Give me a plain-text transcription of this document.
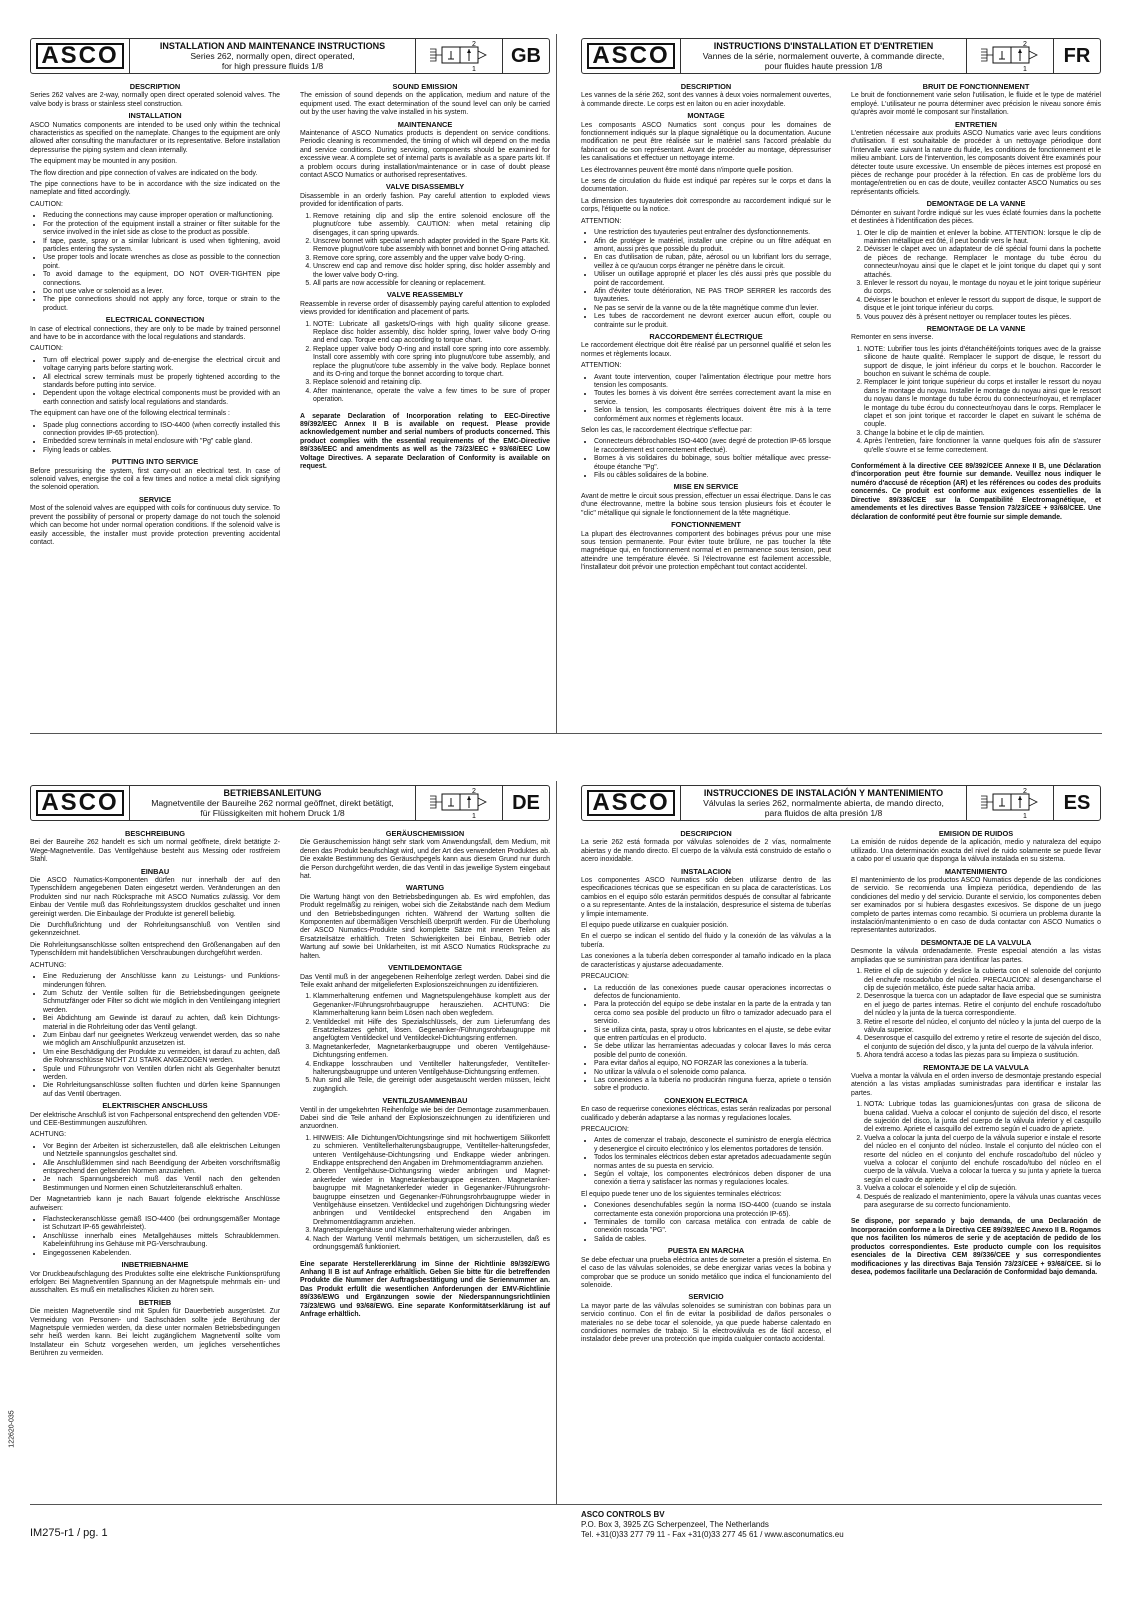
ASCO	INSTALLATION AND MAINTENANCE INSTRUCTIONS

Series 262, normally open, direct operated,
for high pressure fluids 1/8
2
1
GB
DESCRIPTION

Series 262 valves are 2-way, normally open direct operated solenoid valves. The valve body is brass or stainless steel construction.

INSTALLATION

ASCO Numatics components are intended to be used only within the technical characteristics as specified on the nameplate. Changes to the equipment are only allowed after consulting the manufacturer or its representative. Before installation depressurise the piping system and clean internally.

The equipment may be mounted in any position.

The flow direction and pipe connection of valves are indicated on the body.

The pipe connections have to be in accordance with the size indicated on the nameplate and fitted accordingly.

CAUTION:

• Reducing the connections may cause improper operation or malfunctioning.
• For the protection of the equipment install a strainer or filter suitable for the service involved in the inlet side as close to the product as possible.
• If tape, paste, spray or a similar lubricant is used when tightening, avoid particles entering the system.
• Use proper tools and locate wrenches as close as possible to the connection point.
• To avoid damage to the equipment, DO NOT OVER-TIGHTEN pipe connections.
• Do not use valve or solenoid as a lever.
• The pipe connections should not apply any force, torque or strain to the product.
ELECTRICAL CONNECTION

In case of electrical connections, they are only to be made by trained personnel and have to be in accordance with the local regulations and standards.

CAUTION:

• Turn off electrical power supply and de-energise the electrical circuit and voltage carrying parts before starting work.
• All electrical screw terminals must be properly tightened according to the standards before putting into service.
• Dependent upon the voltage electrical components must be provided with an earth connection and satisfy local regulations and standards.

The equipment can have one of the following electrical terminals :

• Spade plug connections according to ISO-4400 (when correctly installed this connection provides IP-65 protection).
• Embedded screw terminals in metal enclosure with "Pg" cable gland.
• Flying leads or cables.
PUTTING INTO SERVICE

Before pressurising the system, first carry-out an electrical test. In case of solenoid valves, energise the coil a few times and notice a metal click signifying the solenoid operation.

SERVICE

Most of the solenoid valves are equipped with coils for continuous duty service. To prevent the possibility of personal or property damage do not touch the solenoid which can become hot under normal operation conditions. If the solenoid valve is easily accessible, the installer must provide protection preventing accidental contact.

SOUND EMISSION

The emission of sound depends on the application, medium and nature of the equipment used. The exact determination of the sound level can only be carried out by the user having the valve installed in his system.

MAINTENANCE

Maintenance of ASCO Numatics products is dependent on service conditions. Periodic cleaning is recommended, the timing of which will depend on the media and service conditions. During servicing, components should be examined for excessive wear. A complete set of internal parts is available as a spare parts kit. If a problem occurs during installation/maintenance or in case of doubt please contact ASCO Numatics or authorised representatives.

VALVE DISASSEMBLY

Disassemble in an orderly fashion. Pay careful attention to exploded views provided for identification of parts.

1. Remove retaining clip and slip the entire solenoid enclosure off the plugnut/core tube assembly. CAUTION: when metal retaining clip disengages, it can spring upwards.
2. Unscrew bonnet with special wrench adapter provided in the Spare Parts Kit. Remove plugnut/core tube assembly with bonnet and bonnet O-ring attached.
3. Remove core spring, core assembly and the upper valve body O-ring.
4. Unscrew end cap and remove disc holder spring, disc holder assembly and the lower valve body O-ring.
5. All parts are now accessible for cleaning or replacement.
VALVE REASSEMBLY

Reassemble in reverse order of disassembly paying careful attention to exploded views provided for identification and placement of parts.

1. NOTE: Lubricate all gaskets/O-rings with high quality silicone grease. Replace disc holder assembly, disc holder spring, lower valve body O-ring and end cap. Torque end cap according to torque chart.
2. Replace upper valve body O-ring and install core spring into core assembly. Install core assembly with core spring into plugnut/core tube assembly, and replace the plugnut/core tube assembly in the valve body. Replace bonnet and its O-ring and torque the bonnet according to torque chart.
3. Replace solenoid and retaining clip.
4. After maintenance, operate the valve a few times to be sure of proper operation.

A separate Declaration of Incorporation relating to EEC-Directive 89/392/EEC Annex II B is available on request. Please provide acknowledgement number and serial numbers of products concerned. This product complies with the essential requirements of the EMC-Directive 89/336/EEC and amendments as well as the 73/23/EEC + 93/68/EEC Low Voltage Directives. A separate Declaration of Conformity is available on request.

ASCO	INSTRUCTIONS D'INSTALLATION ET D'ENTRETIEN

Vannes de la série, normalement ouverte, à commande directe,
pour fluides haute pression 1/8
2
1
FR
DESCRIPTION

Les vannes de la série 262, sont des vannes à deux voies normalement ouvertes, à commande directe. Le corps est en laiton ou en acier inoxydable.

MONTAGE

Les composants ASCO Numatics sont conçus pour les domaines de fonctionnement indiqués sur la plaque signalétique ou la documentation. Aucune modification ne peut être réalisée sur le matériel sans l'accord préalable du fabricant ou de son représentant. Avant de procéder au montage, dépressuriser les canalisations et effectuer un nettoyage interne.

Les électrovannes peuvent être monté dans n'importe quelle position.

Le sens de circulation du fluide est indiqué par repères sur le corps et dans la documentation.

La dimension des tuyauteries doit correspondre au raccordement indiqué sur le corps, l'étiquette ou la notice.

ATTENTION:

• Une restriction des tuyauteries peut entraîner des dysfonctionnements.
• Afin de protéger le matériel, installer une crépine ou un filtre adéquat en amont, aussi près que possible du produit.
• En cas d'utilisation de ruban, pâte, aérosol ou un lubrifiant lors du serrage, veillez à ce qu'aucun corps étranger ne pénètre dans le circuit.
• Utiliser un outillage approprié et placer les clés aussi près que possible du point de raccordement.
• Afin d'éviter toute détérioration, NE PAS TROP SERRER les raccords des tuyauteries.
• Ne pas se servir de la vanne ou de la tête magnétique comme d'un levier.
• Les tubes de raccordement ne devront exercer aucun effort, couple ou contrainte sur le produit.
RACCORDEMENT ÉLECTRIQUE

Le raccordement électrique doit être réalisé par un personnel qualifié et selon les normes et règlements locaux.

ATTENTION:

• Avant toute intervention, couper l'alimentation électrique pour mettre hors tension les composants.
• Toutes les bornes à vis doivent être serrées correctement avant la mise en service.
• Selon la tension, les composants électriques doivent être mis à la terre conformément aux normes et règlements locaux.

Selon les cas, le raccordement électrique s'effectue par:

• Connecteurs débrochables ISO-4400 (avec degré de protection IP-65 lorsque le raccordement est correctement effectué).
• Bornes à vis solidaires du bobinage, sous boîtier métallique avec presse-étoupe étanche "Pg".
• Fils ou câbles solidaires de la bobine.
MISE EN SERVICE

Avant de mettre le circuit sous pression, effectuer un essai électrique. Dans le cas d'une électrovanne, mettre la bobine sous tension plusieurs fois et écouter le "clic" métallique qui signale le fonctionnement de la tête magnétique.

FONCTIONNEMENT

La plupart des électrovannes comportent des bobinages prévus pour une mise sous tension permanente. Pour éviter toute brûlure, ne pas toucher la tête magnétique qui, en fonctionnement normal et en permanence sous tension, peut atteindre une température élevée. Si l'électrovanne est facilement accessible, l'installateur doit prévoir une protection empêchant tout contact accidentel.

BRUIT DE FONCTIONNEMENT

Le bruit de fonctionnement varie selon l'utilisation, le fluide et le type de matériel employé. L'utilisateur ne pourra déterminer avec précision le niveau sonore émis qu'après avoir monté le composant sur l'installation.

ENTRETIEN

L'entretien nécessaire aux produits ASCO Numatics varie avec leurs conditions d'utilisation. Il est souhaitable de procéder à un nettoyage périodique dont l'intervalle varie suivant la nature du fluide, les conditions de fonctionnement et le milieu ambiant. Lors de l'intervention, les composants doivent être examinés pour détecter toute usure excessive. Un ensemble de pièces internes est proposé en pièces de rechange pour procéder à la réfection. En cas de problème lors du montage/entretien ou en cas de doute, veuillez contacter ASCO Numatics ou ses représentants officiels.

DEMONTAGE DE LA VANNE

Démonter en suivant l'ordre indiqué sur les vues éclaté fournies dans la pochette et destinées à l'identification des pièces.

1. Oter le clip de maintien et enlever la bobine. ATTENTION: lorsque le clip de maintien métallique est ôté, il peut bondir vers le haut.
2. Dévisser le clapet avec un adaptateur de clé spécial fourni dans la pochette de pièces de rechange. Remplacer le montage du tube écrou du connecteur/noyau ainsi que le clapet et le joint torique du clapet qui y sont attachés.
3. Enlever le ressort du noyau, le montage du noyau et le joint torique supérieur du corps.
4. Dévisser le bouchon et enlever le ressort du support de disque, le support de disque et le joint torique inférieur du corps.
5. Vous pouvez dès à présent nettoyer ou remplacer toutes les pièces.
REMONTAGE DE LA VANNE

Remonter en sens inverse.

1. NOTE: Lubrifier tous les joints d'étanchéité/joints toriques avec de la graisse silicone de haute qualité. Remplacer le support de disque, le ressort du support de disque, le joint inférieur du corps et le bouchon. Raccorder le bouchon en suivant le schéma de couple.
2. Remplacer le joint torique supérieur du corps et installer le ressort du noyau dans le montage du noyau. Installer le montage du noyau ainsi que le ressort du noyau dans le montage du tube écrou du connecteur/noyau, et remplacer le montage du tube écrou du connecteur/noyau dans le corps. Remplacer le clapet et son joint torique et raccorder le clapet en suivant le schéma de couple.
3. Change la bobine et le clip de maintien.
4. Après l'entretien, faire fonctionner la vanne quelques fois afin de s'assurer qu'elle s'ouvre et se ferme correctement.

Conformément à la directive CEE 89/392/CEE Annexe II B, une Déclaration d'incorporation peut être fournie sur demande. Veuillez nous indiquer le numéro d'accusé de réception (AR) et les références ou codes des produits concernés. Ce produit est conforme aux exigences essentielles de la Directive 89/336/CEE sur la Compatibilité Electromagnétique, et amendements et les directives Basse Tension 73/23/CEE + 93/68/CEE. Une déclaration de conformité peut être fournie sur simple demande.

ASCO	BETRIEBSANLEITUNG

Magnetventile der Baureihe 262 normal geöffnet, direkt betätigt,
für Flüssigkeiten mit hohem Druck 1/8
2
1
DE
BESCHREIBUNG

Bei der Baureihe 262 handelt es sich um normal geöffnete, direkt betätigte 2-Wege-Magnetventile. Das Ventilgehäuse besteht aus Messing oder rostfreiem Stahl.

EINBAU

Die ASCO Numatics-Komponenten dürfen nur innerhalb der auf den Typenschildern angegebenen Daten eingesetzt werden. Veränderungen an den Produkten sind nur nach Rücksprache mit ASCO Numatics zulässig. Vor dem Einbau der Ventile muß das Rohrleitungssystem drucklos geschaltet und innen gereinigt werden. Die Einbaulage der Produkte ist generell beliebig.

Die Durchflußrichtung und der Rohrleitungsanschluß von Ventilen sind gekennzeichnet.

Die Rohrleitungsanschlüsse sollten entsprechend den Größenangaben auf den Typenschildern mit handelsüblichen Verschraubungen durchgeführt werden.

ACHTUNG:

• Eine Reduzierung der Anschlüsse kann zu Leistungs- und Funktions-minderungen führen.
• Zum Schutz der Ventile sollten für die Betriebsbedingungen geeignete Schmutzfänger oder Filter so dicht wie möglich in den Ventileingang integriert werden.
• Bei Abdichtung am Gewinde ist darauf zu achten, daß kein Dichtungs-material in die Rohrleitung oder das Ventil gelangt.
• Zum Einbau darf nur geeignetes Werkzeug verwendet werden, das so nahe wie möglich am Anschlußpunkt anzusetzen ist.
• Um eine Beschädigung der Produkte zu vermeiden, ist darauf zu achten, daß die Rohranschlüsse NICHT ZU STARK ANGEZOGEN werden.
• Spule und Führungsrohr von Ventilen dürfen nicht als Gegenhalter benutzt werden.
• Die Rohrleitungsanschlüsse sollten fluchten und dürfen keine Spannungen auf das Ventil übertragen.
ELEKTRISCHER ANSCHLUSS

Der elektrische Anschluß ist von Fachpersonal entsprechend den geltenden VDE- und CEE-Bestimmungen auszuführen.

ACHTUNG:

• Vor Beginn der Arbeiten ist sicherzustellen, daß alle elektrischen Leitungen und Netzteile spannungslos geschaltet sind.
• Alle Anschlußklemmen sind nach Beendigung der Arbeiten vorschriftsmäßig entsprechend den geltenden Normen anzuziehen.
• Je nach Spannungsbereich muß das Ventil nach den geltenden Bestimmungen und Normen einen Schutzleiteranschluß erhalten.

Der Magnetantrieb kann je nach Bauart folgende elektrische Anschlüsse aufweisen:

• Flachsteckeranschlüsse gemäß ISO-4400 (bei ordnungsgemäßer Montage ist Schutzart IP-65 gewährleistet).
• Anschlüsse innerhalb eines Metallgehäuses mittels Schraubklemmen. Kabeleinführung ins Gehäuse mit PG-Verschraubung.
• Eingegossenen Kabelenden.
INBETRIEBNAHME

Vor Druckbeaufschlagung des Produktes sollte eine elektrische Funktionsprüfung erfolgen: Bei Magnetventilen Spannung an der Magnetspule mehrmals ein- und ausschalten. Es muß ein metallisches Klicken zu hören sein.

BETRIEB

Die meisten Magnetventile sind mit Spulen für Dauerbetrieb ausgerüstet. Zur Vermeidung von Personen- und Sachschäden sollte jede Berührung der Magnetspule vermieden werden, da diese unter normalen Betriebsbedingungen sehr heiß werden kann. Bei leicht zugänglichem Magnetventil sollte vom Installateur ein Schutz vorgesehen werden, um jegliches versehentliches Berühren zu vermeiden.

GERÄUSCHEMISSION

Die Geräuschemission hängt sehr stark vom Anwendungsfall, dem Medium, mit denen das Produkt beaufschlagt wird, und der Art des verwendeten Produktes ab. Die exakte Bestimmung des Geräuschpegels kann aus diesem Grund nur durch die Person durchgeführt werden, die das Ventil in das jeweilige System eingebaut hat.

WARTUNG

Die Wartung hängt von den Betriebsbedingungen ab. Es wird empfohlen, das Produkt regelmäßig zu reinigen, wobei sich die Zeitabstände nach dem Medium und den Betriebsbedingungen richten. Während der Wartung sollten die Komponenten auf übermäßigen Verschleiß überprüft werden. Für die Überholung der ASCO Numatics-Produkte sind komplette Sätze mit inneren Teilen als Ersatzteilsätze erhältlich. Treten Schwierigkeiten bei Einbau, Betrieb oder Wartung auf sowie bei Unklarheiten, ist mit ASCO Numatics Rücksprache zu halten.

VENTILDEMONTAGE

Das Ventil muß in der angegebenen Reihenfolge zerlegt werden. Dabei sind die Teile exakt anhand der mitgelieferten Explosionszeichnungen zu identifizieren.

1. Klammerhalterung entfernen und Magnetspulengehäuse komplett aus der Gegenanker-/Führungsrohrbaugruppe herausziehen. ACHTUNG: Die Klammerhalterung kann beim Lösen nach oben wegfedern.
2. Ventildeckel mit Hilfe des Spezialschlüssels, der zum Lieferumfang des Ersatzteilsatzes gehört, lösen. Gegenanker-/Führungsrohrbaugruppe mit angefügtem Ventildeckel und Ventildeckel-Dichtungsring entfernen.
3. Magnetankerfeder, Magnetankerbaugruppe und oberen Ventilgehäuse-Dichtungsring entfernen.
4. Endkappe losschrauben und Ventilteller halterungsfeder, Ventilteller-halterungsbaugruppe und unteren Ventilgehäuse-Dichtungsring entfernen.
5. Nun sind alle Teile, die gereinigt oder ausgetauscht werden müssen, leicht zugänglich.
VENTILZUSAMMENBAU

Ventil in der umgekehrten Reihenfolge wie bei der Demontage zusammenbauen. Dabei sind die Teile anhand der Explosionszeichnungen zu identifizieren und anzuordnen.

1. HINWEIS: Alle Dichtungen/Dichtungsringe sind mit hochwertigem Silikonfett zu schmieren. Ventiltellerhalterungsbaugruppe, Ventilteller-halterungsfeder, unteren Ventilgehäuse-Dichtungsring und Endkappe wieder anbringen. Endkappe entsprechend den Angaben im Drehmomentdiagramm anziehen.
2. Oberen Ventilgehäuse-Dichtungsring wieder anbringen und Magnet-ankerfeder wieder in Magnetankerbaugruppe einsetzen. Magnetanker-baugruppe mit Magnetankerfeder wieder in Gegenanker-/Führungsrohr-baugruppe einsetzen und Gegenanker-/Führungsrohrbaugruppe wieder in Ventilgehäuse einsetzen. Ventildeckel und zugehörigen Dichtungsring wieder anbringen und Ventildeckel entsprechend den Angaben im Drehmomentdiagramm anziehen.
3. Magnetspulengehäuse und Klammerhalterung wieder anbringen.
4. Nach der Wartung Ventil mehrmals betätigen, um sicherzustellen, daß es ordnungsgemäß funktioniert.

Eine separate Herstellererklärung im Sinne der Richtlinie 89/392/EWG Anhang II B ist auf Anfrage erhältlich. Geben Sie bitte für die betreffenden Produkte die Nummer der Auftragsbestätigung und die Seriennummer an. Das Produkt erfüllt die wesentlichen Anforderungen der EMV-Richtlinie 89/336/EWG und Ergänzungen sowie der Niederspannungsrichtlinien 73/23/EWG und 93/68/EWG. Eine separate Konformitätserklärung ist auf Anfrage erhältlich.

ASCO	INSTRUCCIONES DE INSTALACIÓN Y MANTENIMIENTO

Válvulas la series 262, normalmente abierta, de mando directo,
para fluidos de alta presión 1/8
2
1
ES
DESCRIPCION

La serie 262 está formada por válvulas solenoides de 2 vías, normalmente abiertas y de mando directo. El cuerpo de la válvula está construido de estaño o acero inoxidable.

INSTALACION

Los componentes ASCO Numatics sólo deben utilizarse dentro de las especificaciones técnicas que se especifican en su placa de características. Los cambios en el equipo sólo estarán permitidos después de consultar al fabricante o a su representante. Antes de la instalación, despresurice el sistema de tuberías y limpie internamente.

El equipo puede utilizarse en cualquier posición.

En el cuerpo se indican el sentido del fluido y la conexión de las válvulas a la tubería.

Las conexiones a la tubería deben corresponder al tamaño indicado en la placa de características y ajustarse adecuadamente.

PRECAUCION:

• La reducción de las conexiones puede causar operaciones incorrectas o defectos de funcionamiento.
• Para la protección del equipo se debe instalar en la parte de la entrada y tan cerca como sea posible del producto un filtro o tamizador adecuado para el servicio.
• Si se utiliza cinta, pasta, spray u otros lubricantes en el ajuste, se debe evitar que entren partículas en el producto.
• Se debe utilizar las herramientas adecuadas y colocar llaves lo más cerca posible del punto de conexión.
• Para evitar daños al equipo, NO FORZAR las conexiones a la tubería.
• No utilizar la válvula o el solenoide como palanca.
• Las conexiones a la tubería no producirán ninguna fuerza, apriete o tensión sobre el producto.
CONEXION ELECTRICA

En caso de requerirse conexiones eléctricas, estas serán realizadas por personal cualificado y deberán adaptarse a las normas y regulaciones locales.

PRECAUCION:

• Antes de comenzar el trabajo, desconecte el suministro de energía eléctrica y desenergice el circuito electrónico y los elementos portadores de tensión.
• Todos los terminales eléctricos deben estar apretados adecuadamente según normas antes de su puesta en servicio.
• Según el voltaje, los componentes electrónicos deben disponer de una conexión a tierra y satisfacer las normas y regulaciones locales.

El equipo puede tener uno de los siguientes terminales eléctricos:

• Conexiones desenchufables según la norma ISO-4400 (cuando se instala correctamente esta conexión proporciona una protección IP-65).
• Terminales de tornillo con carcasa metálica con entrada de cable de conexión roscada "PG".
• Salida de cables.
PUESTA EN MARCHA

Se debe efectuar una prueba eléctrica antes de someter a presión el sistema. En el caso de las válvulas solenoides, se debe energizar varias veces la bobina y comprobar que se produce un sonido metálico que indica el funcionamiento del solenoide.

SERVICIO

La mayor parte de las válvulas solenoides se suministran con bobinas para un servicio continuo. Con el fin de evitar la posibilidad de daños personales o materiales no se debe tocar el solenoide, ya que puede haberse calentado en condiciones normales de trabajo. Si la electroválvula es de fácil acceso, el instalador debe prever una protección que impida cualquier contacto accidental.

EMISION DE RUIDOS

La emisión de ruidos depende de la aplicación, medio y naturaleza del equipo utilizado. Una determinación exacta del nivel de ruido solamente se puede llevar a cabo por el usuario que disponga la válvula instalada en su sistema.

MANTENIMIENTO

El mantenimiento de los productos ASCO Numatics depende de las condiciones de servicio. Se recomienda una limpieza periódica, dependiendo de las condiciones del medio y del servicio. Durante el servicio, los componentes deben ser examinados por si hubiera desgastes excesivos. Se dispone de un juego completo de partes internas como recambio. Si ocurriera un problema durante la instalación/mantenimiento o en caso de duda contactar con ASCO Numatics o representantes autorizados.

DESMONTAJE DE LA VALVULA

Desmonte la válvula ordenadamente. Preste especial atención a las vistas ampliadas que se suministran para identificar las partes.

1. Retire el clip de sujeción y deslice la cubierta con el solenoide del conjunto del enchufe roscado/tubo del núcleo. PRECAUCION: al desengancharse el clip de sujeción metálico, éste puede saltar hacia arriba.
2. Desenrosque la tuerca con un adaptador de llave especial que se suministra en el juego de partes internas. Retire el conjunto del enchufe roscado/tubo del núcleo y la junta de la tuerca correspondiente.
3. Retire el resorte del núcleo, el conjunto del núcleo y la junta del cuerpo de la válvula superior.
4. Desenrosque el casquillo del extremo y retire el resorte de sujeción del disco, el conjunto de sujeción del disco, y la junta del cuerpo de la válvula inferior.
5. Ahora tendrá acceso a todas las piezas para su limpieza o sustitución.
REMONTAJE DE LA VALVULA

Vuelva a montar la válvula en el orden inverso de desmontaje prestando especial atención a las vistas ampliadas suministradas para identificar e instalar las partes.

1. NOTA: Lubrique todas las guarniciones/juntas con grasa de silicona de buena calidad. Vuelva a colocar el conjunto de sujeción del disco, el resorte de sujeción del disco, la junta del cuerpo de la válvula inferior y el casquillo del extremo. Apriete el casquillo del extremo según el cuadro de apriete.
2. Vuelva a colocar la junta del cuerpo de la válvula superior e instale el resorte del núcleo en el conjunto del núcleo. Instale el conjunto del núcleo con el resorte del núcleo en el conjunto del enchufe roscado/tubo del núcleo y vuelva a colocar el conjunto del enchufe roscado/tubo del núcleo en el cuerpo de la válvula. Vuelva a colocar la tuerca y su junta y apriete la tuerca según el cuadro de apriete.
3. Vuelva a colocar el solenoide y el clip de sujeción.
4. Después de realizado el mantenimiento, opere la válvula unas cuantas veces para asegurarse de su correcto funcionamiento.

Se dispone, por separado y bajo demanda, de una Declaración de Incorporación conforme a la Directiva CEE 89/392/EEC Anexo II B. Rogamos que nos faciliten los números de serie y de aceptación de pedido de los productos correspondientes. Este producto cumple con los requisitos esenciales de la Directiva CEM 89/336/CEE y sus correspondientes modificaciones y las directivas Baja Tensión 73/23/CEE + 93/68/CEE. Si lo desea, podemos facilitarle una Declaración de Conformidad bajo demanda.

122620-035
IM275-r1 / pg. 1
ASCO CONTROLS BV
P.O. Box 3, 3925 ZG Scherpenzeel, The Netherlands
Tel. +31(0)33 277 79 11 - Fax +31(0)33 277 45 61 / www.asconumatics.eu
